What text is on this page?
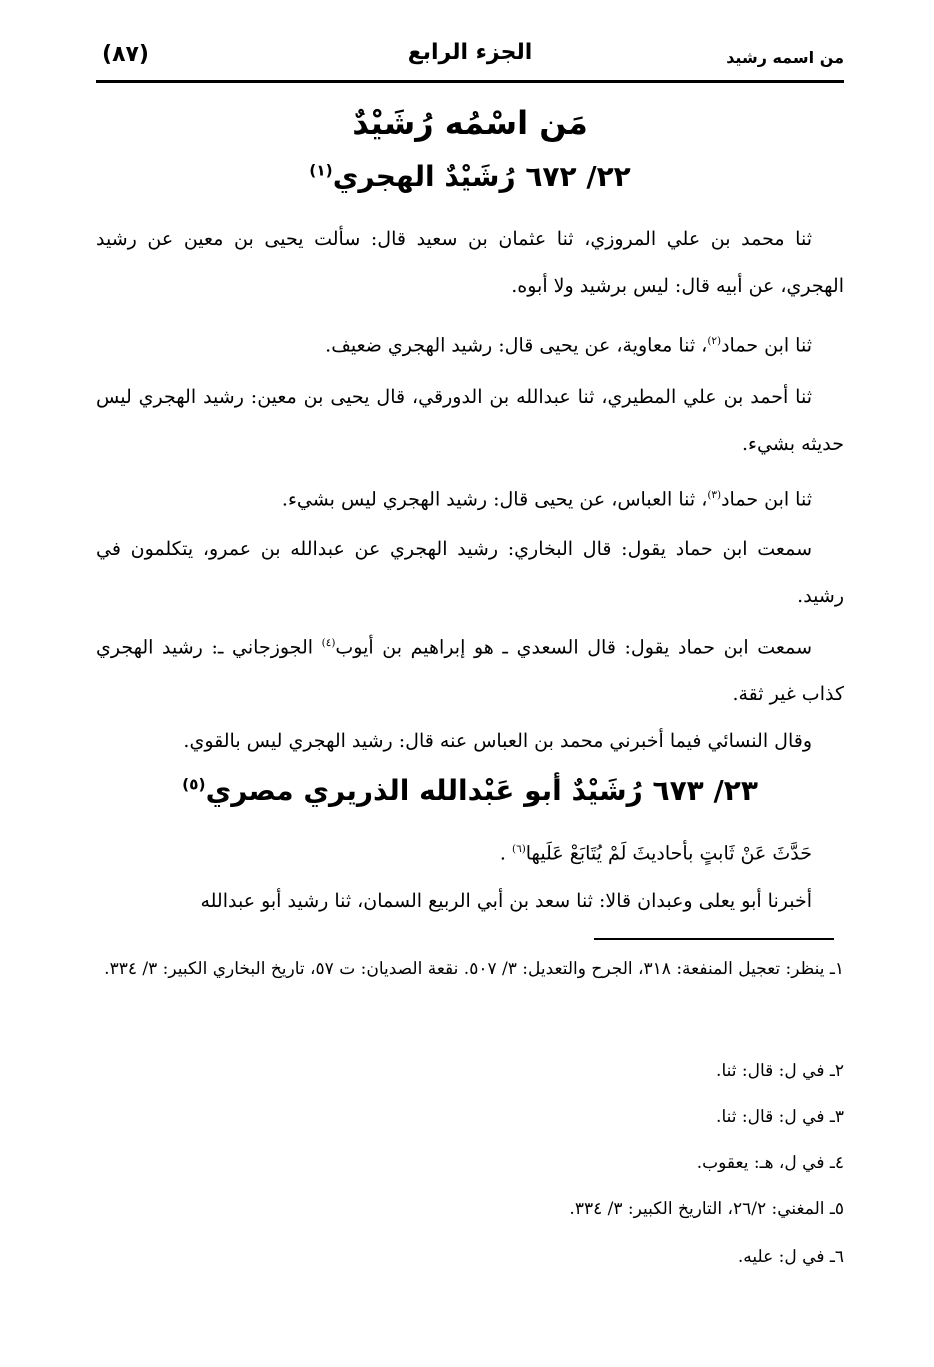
(٨٧)	الجزء الرابع	من اسمه رشيد
مَن اسْمُه رُشَيْدٌ
٢٢/ ٦٧٢ رُشَيْدٌ الهجري$^{(١)}$
ثنا محمد بن علي المروزي، ثنا عثمان بن سعيد قال: سألت يحيى بن معين عن رشيد الهجري، عن أبيه قال: ليس برشيد ولا أبوه.
ثنا ابن حماد$^{(٢)}$، ثنا معاوية، عن يحيى قال: رشيد الهجري ضعيف.
ثنا أحمد بن علي المطيري، ثنا عبدالله بن الدورقي، قال يحيى بن معين: رشيد الهجري ليس حديثه بشيء.
ثنا ابن حماد$^{(٣)}$، ثنا العباس، عن يحيى قال: رشيد الهجري ليس بشيء.
سمعت ابن حماد يقول: قال البخاري: رشيد الهجري عن عبدالله بن عمرو، يتكلمون في رشيد.
سمعت ابن حماد يقول: قال السعدي ـ هو إبراهيم بن أيوب$^{(٤)}$ الجوزجاني ـ: رشيد الهجري كذاب غير ثقة.
وقال النسائي فيما أخبرني محمد بن العباس عنه قال: رشيد الهجري ليس بالقوي.
٢٣/ ٦٧٣ رُشَيْدٌ أبو عَبْدالله الذريري مصري$^{(٥)}$
حَدَّثَ عَنْ ثَابتٍ بأحاديثَ لَمْ يُتَابَعْ عَلَيها$^{(٦)}$ .
أخبرنا أبو يعلى وعبدان قالا: ثنا سعد بن أبي الربيع السمان، ثنا رشيد أبو عبدالله
١ـ ينظر: تعجيل المنفعة: ٣١٨، الجرح والتعديل: ٣/ ٥٠٧. نقعة الصديان: ت ٥٧، تاريخ البخاري الكبير: ٣/ ٣٣٤.
٢ـ في ل: قال: ثنا.
٣ـ في ل: قال: ثنا.
٤ـ في ل، هـ: يعقوب.
٥ـ المغني: ٢٦/٢، التاريخ الكبير: ٣/ ٣٣٤.
٦ـ في ل: عليه.
